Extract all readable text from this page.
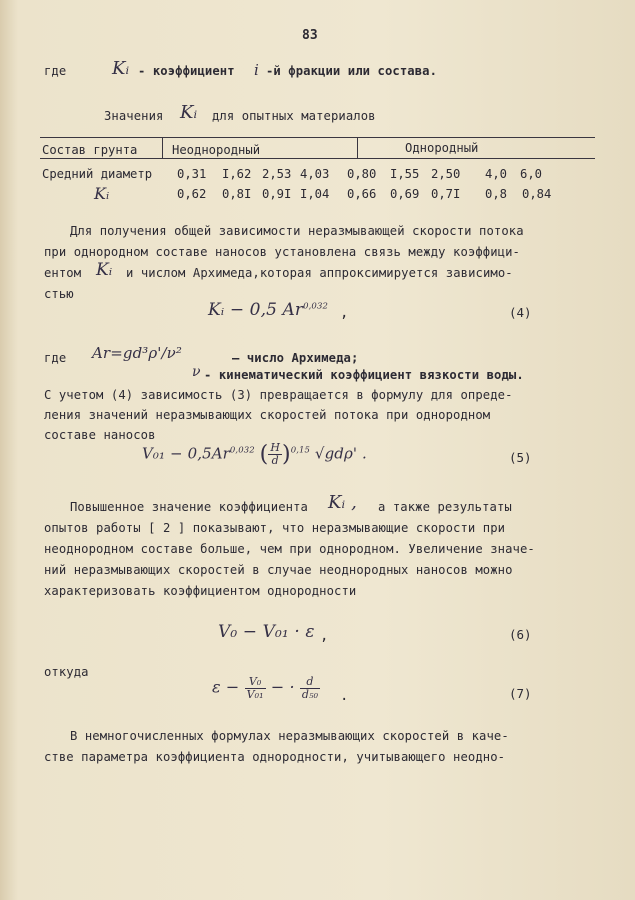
83
где	Kᵢ - коэффициент i -й фракции или состава.
Значения Kᵢ для опытных материалов
Состав грунта	Неоднородный	Однородный
Средний диаметр 0,31 I,62 2,53 4,03 0,80 I,55 2,50 4,0 6,0
Kᵢ	0,62 0,8I 0,9I I,04 0,66 0,69 0,7I 0,8 0,84
Для получения общей зависимости неразмывающей скорости потока
при однородном составе наносов установлена связь между коэффици-
ентом Kᵢ и числом Архимеда,которая аппроксимируется зависимо-
стью
Kᵢ − 0,5 Ar$^{0,032}$ ,	(4)
где Ar=gd³ρ'/ν²	– число Архимеда;
ν - кинематический коэффициент вязкости воды.
С учетом (4) зависимость (3) превращается в формулу для опреде-
ления значений неразмывающих скоростей потока при однородном
составе наносов
V₀₁ − 0,5Ar$^{0,032}$ ( $\frac{H}{d} )^{0,15}$ √gdρ' .	(5)
Повышенное значение коэффициента Kᵢ , а также результаты
опытов работы [ 2 ] показывают, что неразмывающие скорости при
неоднородном составе больше, чем при однородном. Увеличение значе-
ний неразмывающих скоростей в случае неоднородных наносов можно
характеризовать коэффициентом однородности
V₀ − V₀₁ · ε ,	(6)
откуда
$\varepsilon - \frac{\text{V₀}}{\text{V₀₁}}$ − · $\frac{d}{\text{d₅₀}}$ .	(7)
В немногочисленных формулах неразмывающих скоростей в каче-
стве параметра коэффициента однородности, учитывающего неодно-
